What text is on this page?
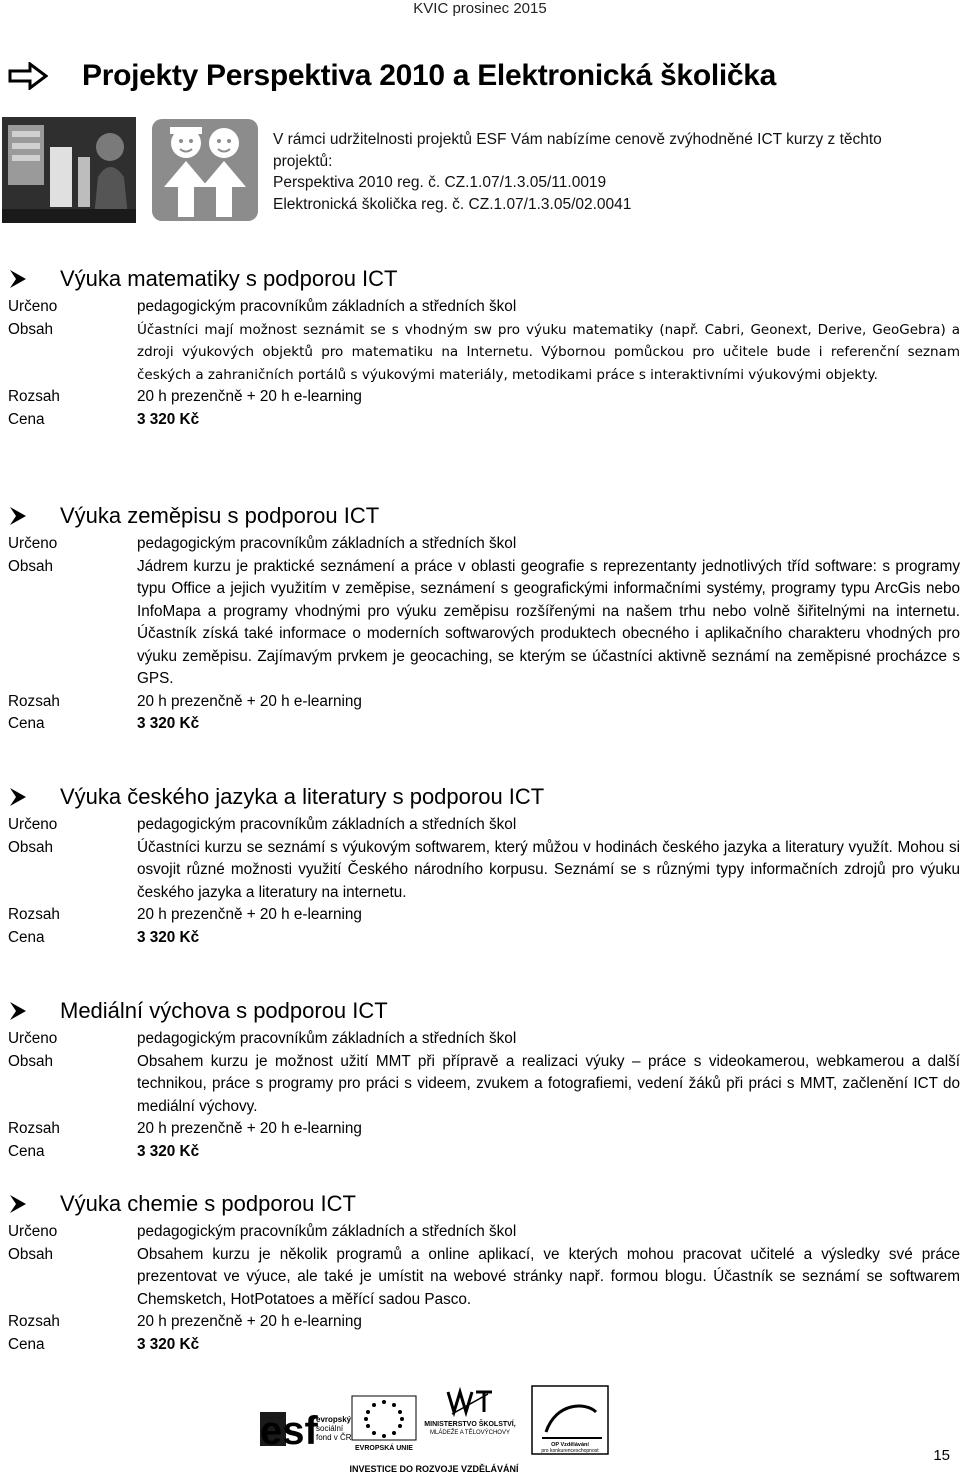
KVIC prosinec 2015
Projekty Perspektiva 2010 a Elektronická školička
V rámci udržitelnosti projektů ESF Vám nabízíme cenově zvýhodněné ICT kurzy z těchto
projektů:
Perspektiva 2010 reg. č. CZ.1.07/1.3.05/11.0019
Elektronická školička reg. č. CZ.1.07/1.3.05/02.0041
Výuka matematiky s podporou ICT
Určeno	pedagogickým pracovníkům základních a středních škol
Obsah	Účastníci mají možnost seznámit se s vhodným sw pro výuku matematiky (např. Cabri, Geonext, Derive, GeoGebra) a zdroji výukových objektů pro matematiku na Internetu. Výbornou pomůckou pro učitele bude i referenční seznam českých a zahraničních portálů s výukovými materiály, metodikami práce s interaktivními výukovými objekty.
Rozsah	20 h prezenčně + 20 h e-learning
Cena	3 320 Kč
Výuka zeměpisu s podporou ICT
Určeno	pedagogickým pracovníkům základních a středních škol
Obsah	Jádrem kurzu je praktické seznámení a práce v oblasti geografie s reprezentanty jednotlivých tříd software: s programy typu Office a jejich využitím v zeměpise, seznámení s geografickými informačními systémy, programy typu ArcGis nebo InfoMapa a programy vhodnými pro výuku zeměpisu rozšířenými na našem trhu nebo volně šiřitelnými na internetu. Účastník získá také informace o moderních softwarových produktech obecného i aplikačního charakteru vhodných pro výuku zeměpisu. Zajímavým prvkem je geocaching, se kterým se účastníci aktivně seznámí na zeměpisné procházce s GPS.
Rozsah	20 h prezenčně + 20 h e-learning
Cena	3 320 Kč
Výuka českého jazyka a literatury s podporou ICT
Určeno	pedagogickým pracovníkům základních a středních škol
Obsah	Účastníci kurzu se seznámí s výukovým softwarem, který můžou v hodinách českého jazyka a literatury využít. Mohou si osvojit různé možnosti využití Českého národního korpusu. Seznámí se s různými typy informačních zdrojů pro výuku českého jazyka a literatury na internetu.
Rozsah	20 h prezenčně + 20 h e-learning
Cena	3 320 Kč
Mediální výchova s podporou ICT
Určeno	pedagogickým pracovníkům základních a středních škol
Obsah	Obsahem kurzu je možnost užití MMT při přípravě a realizaci výuky – práce s videokamerou, webkamerou a další technikou, práce s programy pro práci s videem, zvukem a fotografiemi, vedení žáků při práci s MMT, začlenění ICT do mediální výchovy.
Rozsah	20 h prezenčně + 20 h e-learning
Cena	3 320 Kč
Výuka chemie s podporou ICT
Určeno	pedagogickým pracovníkům základních a středních škol
Obsah	Obsahem kurzu je několik programů a online aplikací, ve kterých mohou pracovat učitelé a výsledky své práce prezentovat ve výuce, ale také je umístit na webové stránky např. formou blogu. Účastník se seznámí se softwarem Chemsketch, HotPotatoes a měřící sadou Pasco.
Rozsah	20 h prezenčně + 20 h e-learning
Cena	3 320 Kč
esf
evropský
sociální
fond v ČR
EVROPSKÁ UNIE
MINISTERSTVO ŠKOLSTVÍ,
MLÁDEŽE A TĚLOVÝCHOVY
OP Vzdělávání
pro konkurenceschopnost
INVESTICE DO ROZVOJE VZDĚLÁVÁNÍ
15
